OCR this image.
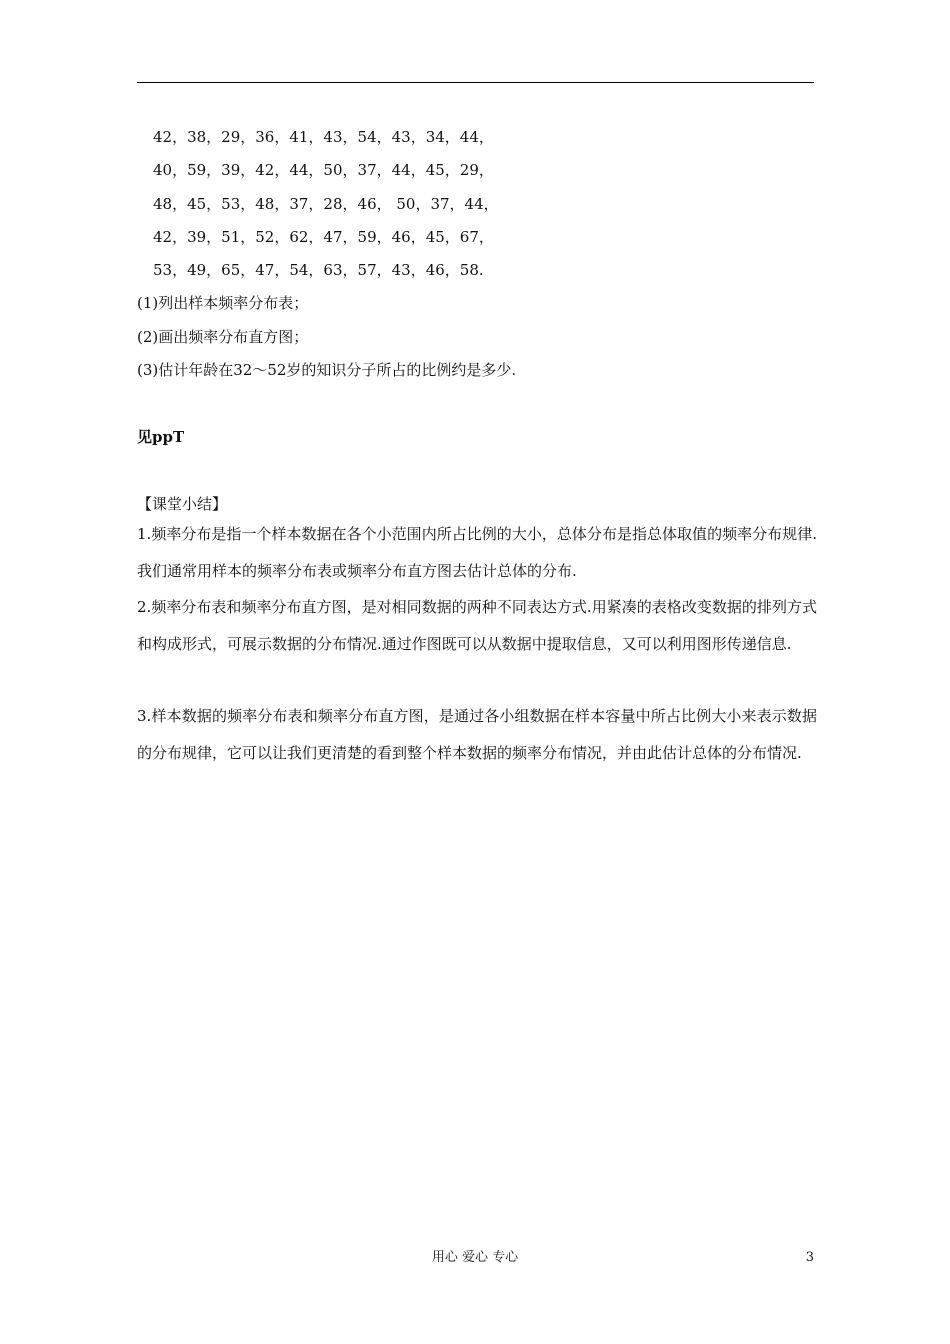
42，38，29，36，41，43，54，43，34，44，
40，59，39，42，44，50，37，44，45，29，
48，45，53，48，37，28，46， 50，37，44，
42，39，51，52，62，47，59，46，45，67，
53，49，65，47，54，63，57，43，46，58.
(1)列出样本频率分布表；
(2)画出频率分布直方图；
(3)估计年龄在32～52岁的知识分子所占的比例约是多少.
见ppT
【课堂小结】
1.频率分布是指一个样本数据在各个小范围内所占比例的大小，总体分布是指总体取值的频率分布规律.我们通常用样本的频率分布表或频率分布直方图去估计总体的分布.
2.频率分布表和频率分布直方图，是对相同数据的两种不同表达方式.用紧凑的表格改变数据的排列方式和构成形式，可展示数据的分布情况.通过作图既可以从数据中提取信息，又可以利用图形传递信息.
3.样本数据的频率分布表和频率分布直方图，是通过各小组数据在样本容量中所占比例大小来表示数据的分布规律，它可以让我们更清楚的看到整个样本数据的频率分布情况，并由此估计总体的分布情况.
用心 爱心 专心	3
